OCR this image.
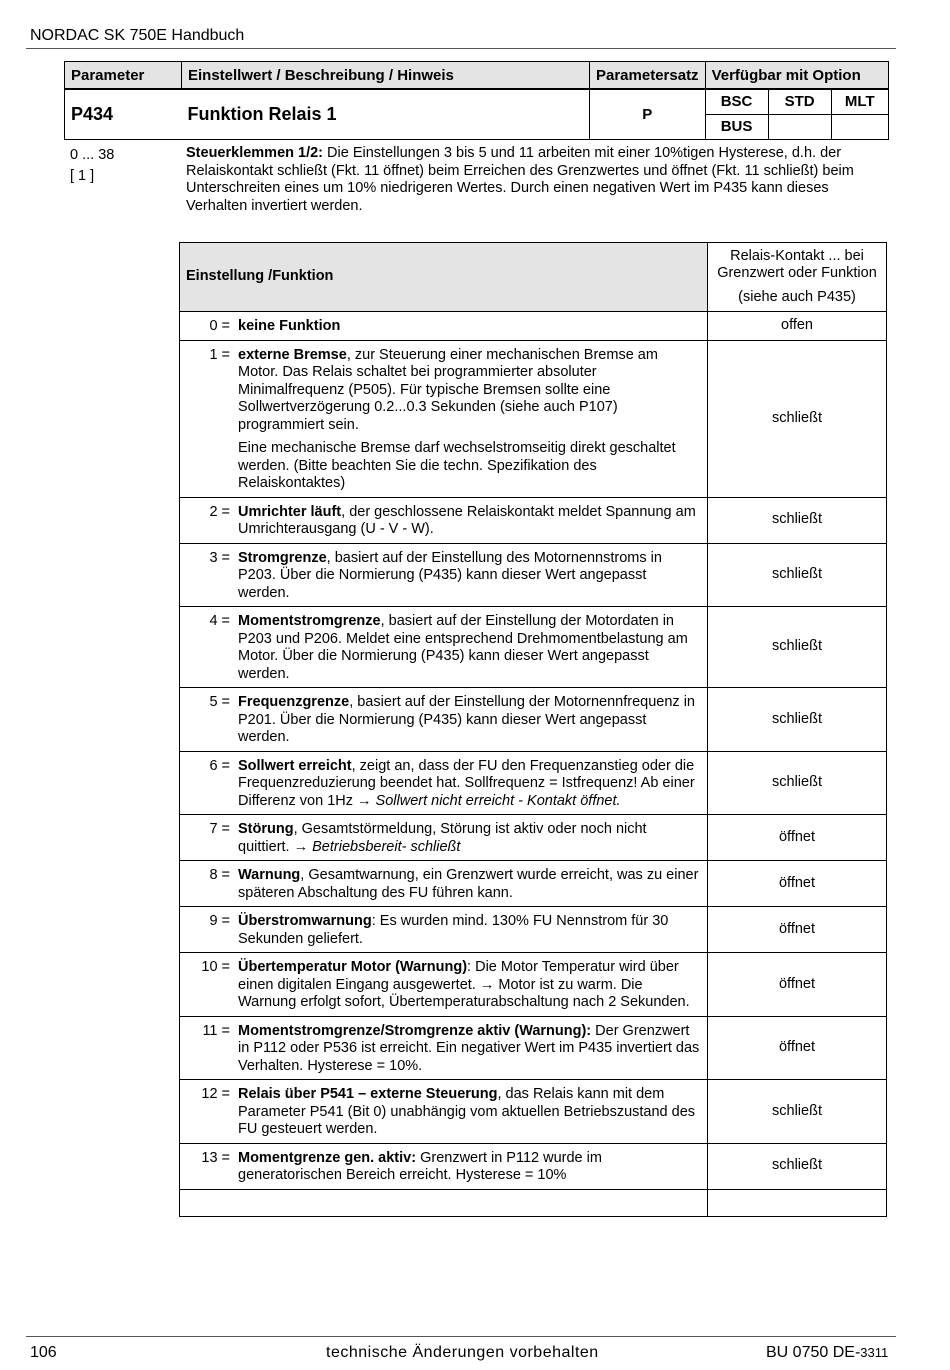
NORDAC SK 750E Handbuch
Parameter	Einstellwert / Beschreibung / Hinweis	Parametersatz	Verfügbar mit Option		
P434	Funktion Relais 1	P	BSC	STD	MLT
			BUS		
0 ... 38
[ 1 ]
Steuerklemmen 1/2: Die Einstellungen 3 bis 5 und 11 arbeiten mit einer 10%tigen Hysterese, d.h. der Relaiskontakt schließt (Fkt. 11 öffnet) beim Erreichen des Grenzwertes und öffnet (Fkt. 11 schließt) beim Unterschreiten eines um 10% niedrigeren Wertes. Durch einen negativen Wert im P435 kann dieses Verhalten invertiert werden.
Einstellung /Funktion		Relais-Kontakt ... bei Grenzwert oder Funktion
(siehe auch P435)

0 =	keine Funktion	offen
1 =	externe Bremse, zur Steuerung einer mechanischen Bremse am Motor. Das Relais schaltet bei programmierter absoluter Minimalfrequenz (P505). Für typische Bremsen sollte eine Sollwertverzögerung 0.2...0.3 Sekunden (siehe auch P107) programmiert sein.

Eine mechanische Bremse darf wechselstromseitig direkt geschaltet werden. (Bitte beachten Sie die techn. Spezifikation des Relaiskontaktes)	schließt
2 =	Umrichter läuft, der geschlossene Relaiskontakt meldet Spannung am Umrichterausgang (U - V - W).	schließt
3 =	Stromgrenze, basiert auf der Einstellung des Motornennstroms in P203. Über die Normierung (P435) kann dieser Wert angepasst werden.	schließt
4 =	Momentstromgrenze, basiert auf der Einstellung der Motordaten in P203 und P206. Meldet eine entsprechend Drehmomentbelastung am Motor. Über die Normierung (P435) kann dieser Wert angepasst werden.	schließt
5 =	Frequenzgrenze, basiert auf der Einstellung der Motornennfrequenz in P201. Über die Normierung (P435) kann dieser Wert angepasst werden.	schließt
6 =	Sollwert erreicht, zeigt an, dass der FU den Frequenzanstieg oder die Frequenzreduzierung beendet hat. Sollfrequenz = Istfrequenz! Ab einer Differenz von 1Hz → Sollwert nicht erreicht - Kontakt öffnet.	schließt
7 =	Störung, Gesamtstörmeldung, Störung ist aktiv oder noch nicht quittiert. → Betriebsbereit- schließt	öffnet
8 =	Warnung, Gesamtwarnung, ein Grenzwert wurde erreicht, was zu einer späteren Abschaltung des FU führen kann.	öffnet
9 =	Überstromwarnung: Es wurden mind. 130% FU Nennstrom für 30 Sekunden geliefert.	öffnet
10 =	Übertemperatur Motor (Warnung): Die Motor Temperatur wird über einen digitalen Eingang ausgewertet. → Motor ist zu warm. Die Warnung erfolgt sofort, Übertemperaturabschaltung nach 2 Sekunden.	öffnet
11 =	Momentstromgrenze/Stromgrenze aktiv (Warnung): Der Grenzwert in P112 oder P536 ist erreicht. Ein negativer Wert im P435 invertiert das Verhalten. Hysterese = 10%.	öffnet
12 =	Relais über P541 – externe Steuerung, das Relais kann mit dem Parameter P541 (Bit 0) unabhängig vom aktuellen Betriebszustand des FU gesteuert werden.	schließt
13 =	Momentgrenze gen. aktiv: Grenzwert in P112 wurde im generatorischen Bereich erreicht. Hysterese = 10%	schließt

106	technische Änderungen vorbehalten	BU 0750 DE-3311
